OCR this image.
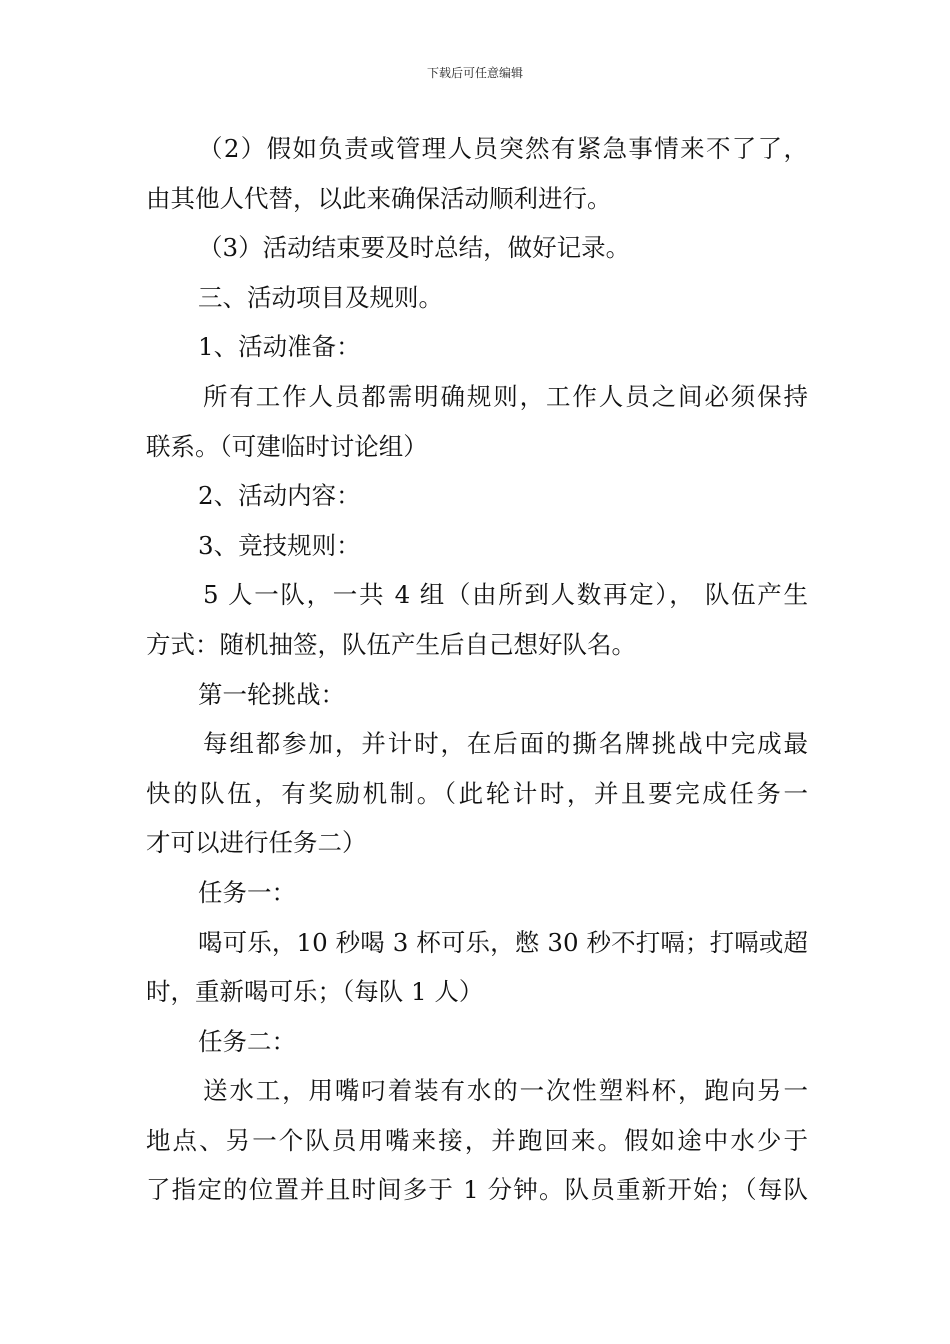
下载后可任意编辑
（2）假如负责或管理人员突然有紧急事情来不了了，
由其他人代替，以此来确保活动顺利进行。
（3）活动结束要及时总结，做好记录。
三、活动项目及规则。
1、活动准备：
所有工作人员都需明确规则，工作人员之间必须保持
联系。（可建临时讨论组）
2、活动内容：
3、竞技规则：
5 人一队，一共 4 组（由所到人数再定）， 队伍产生
方式：随机抽签，队伍产生后自己想好队名。
第一轮挑战：
每组都参加，并计时，在后面的撕名牌挑战中完成最
快的队伍，有奖励机制。（此轮计时，并且要完成任务一
才可以进行任务二）
任务一：
喝可乐，10 秒喝 3 杯可乐，憋 30 秒不打嗝；打嗝或超
时，重新喝可乐；（每队 1 人）
任务二：
送水工，用嘴叼着装有水的一次性塑料杯，跑向另一
地点、另一个队员用嘴来接，并跑回来。假如途中水少于
了指定的位置并且时间多于 1 分钟。队员重新开始；（每队
